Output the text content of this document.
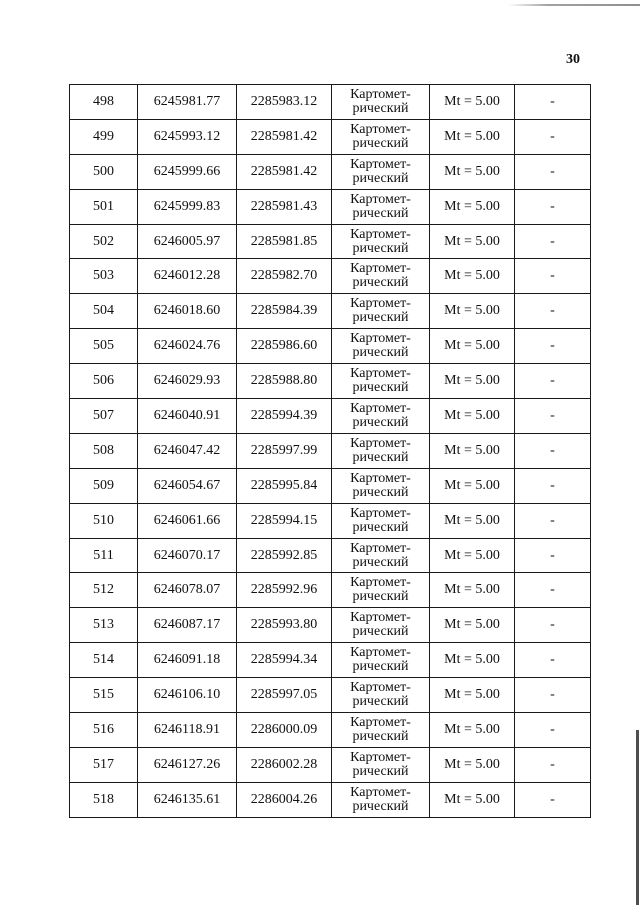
30
498	6245981.77	2285983.12	Картомет-
рический	Mt = 5.00	-
499	6245993.12	2285981.42	Картомет-
рический	Mt = 5.00	-
500	6245999.66	2285981.42	Картомет-
рический	Mt = 5.00	-
501	6245999.83	2285981.43	Картомет-
рический	Mt = 5.00	-
502	6246005.97	2285981.85	Картомет-
рический	Mt = 5.00	-
503	6246012.28	2285982.70	Картомет-
рический	Mt = 5.00	-
504	6246018.60	2285984.39	Картомет-
рический	Mt = 5.00	-
505	6246024.76	2285986.60	Картомет-
рический	Mt = 5.00	-
506	6246029.93	2285988.80	Картомет-
рический	Mt = 5.00	-
507	6246040.91	2285994.39	Картомет-
рический	Mt = 5.00	-
508	6246047.42	2285997.99	Картомет-
рический	Mt = 5.00	-
509	6246054.67	2285995.84	Картомет-
рический	Mt = 5.00	-
510	6246061.66	2285994.15	Картомет-
рический	Mt = 5.00	-
511	6246070.17	2285992.85	Картомет-
рический	Mt = 5.00	-
512	6246078.07	2285992.96	Картомет-
рический	Mt = 5.00	-
513	6246087.17	2285993.80	Картомет-
рический	Mt = 5.00	-
514	6246091.18	2285994.34	Картомет-
рический	Mt = 5.00	-
515	6246106.10	2285997.05	Картомет-
рический	Mt = 5.00	-
516	6246118.91	2286000.09	Картомет-
рический	Mt = 5.00	-
517	6246127.26	2286002.28	Картомет-
рический	Mt = 5.00	-
518	6246135.61	2286004.26	Картомет-
рический	Mt = 5.00	-
